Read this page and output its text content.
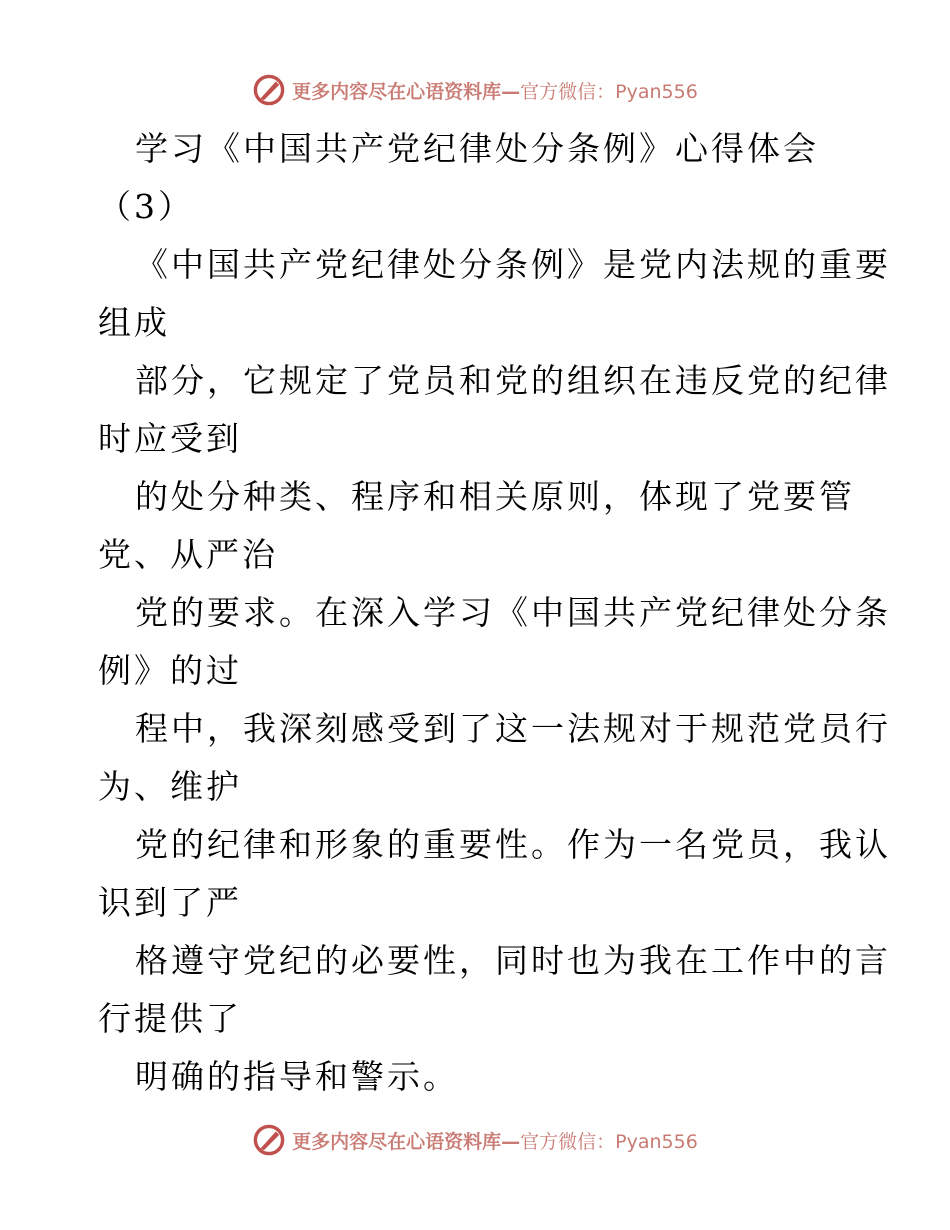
更多内容尽在心语资料库— 官方微信：Pyan556
学习《中国共产党纪律处分条例》心得体会
（3）
《中国共产党纪律处分条例》是党内法规的重要
组成
部分，它规定了党员和党的组织在违反党的纪律
时应受到
的处分种类、程序和相关原则，体现了党要管
党、从严治
党的要求。在深入学习《中国共产党纪律处分条
例》的过
程中，我深刻感受到了这一法规对于规范党员行
为、维护
党的纪律和形象的重要性。作为一名党员，我认
识到了严
格遵守党纪的必要性，同时也为我在工作中的言
行提供了
明确的指导和警示。
更多内容尽在心语资料库— 官方微信：Pyan556
